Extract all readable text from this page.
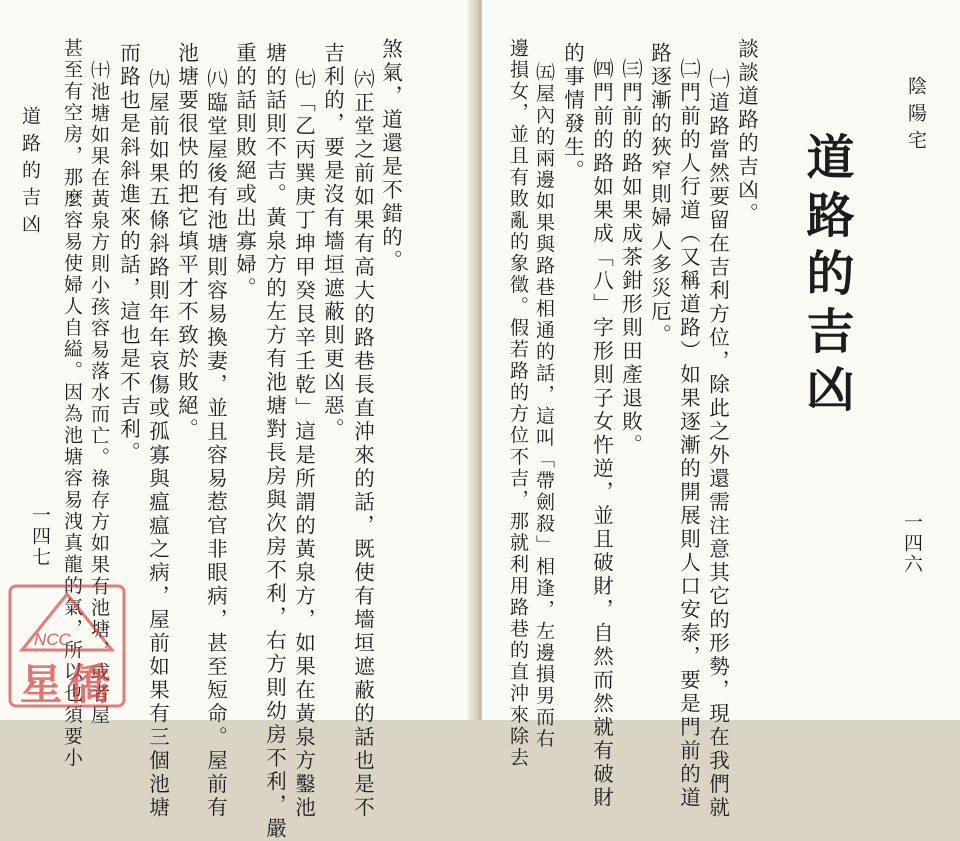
煞氣，道還是不錯的。
㈥正堂之前如果有高大的路巷長直沖來的話，既使有墻垣遮蔽的話也是不
吉利的，要是沒有墻垣遮蔽則更凶惡。
㈦「乙丙巽庚丁坤甲癸艮辛壬乾」這是所謂的黃泉方，如果在黃泉方鑿池
塘的話則不吉。黃泉方的左方有池塘對長房與次房不利，右方則幼房不利，嚴
重的話則敗絕或出寡婦。
㈧臨堂屋後有池塘則容易換妻，並且容易惹官非眼病，甚至短命。屋前有
池塘要很快的把它填平才不致於敗絕。
㈨屋前如果五條斜路則年年哀傷或孤寡與瘟瘟之病，屋前如果有三個池塘
而路也是斜斜進來的話，這也是不吉利。
㈩池塘如果在黃泉方則小孩容易落水而亡。祿存方如果有池塘，或者屋
甚至有空房，那麼容易使婦人自縊。因為池塘容易洩真龍的氣，所以也須要小
道路的吉凶
一四七
NCC
星僑
陰陽宅
一四六
道路的吉凶
談談道路的吉凶。
㈠道路當然要留在吉利方位，除此之外還需注意其它的形勢，現在我們就
㈡門前的人行道（又稱道路）如果逐漸的開展則人口安泰，要是門前的道
路逐漸的狹窄則婦人多災厄。
㈢門前的路如果成茶鉗形則田產退敗。
㈣門前的路如果成「八」字形則子女忤逆，並且破財，自然而然就有破財
的事情發生。
㈤屋內的兩邊如果與路巷相通的話，這叫「帶劍殺」相逢，左邊損男而右
邊損女，並且有敗亂的象徵。假若路的方位不吉，那就利用路巷的直沖來除去
